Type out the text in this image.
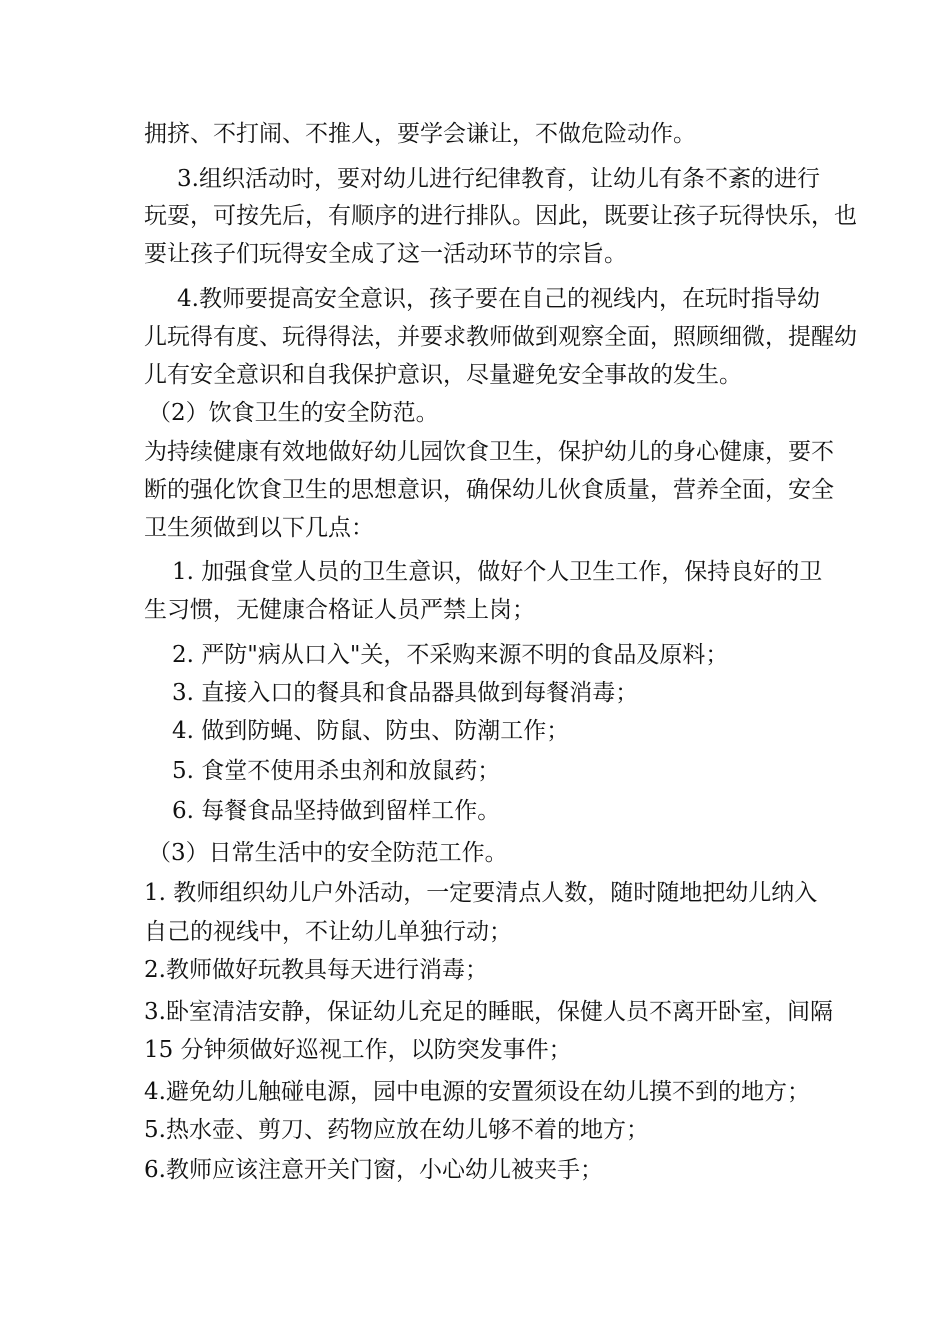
拥挤、不打闹、不推人，要学会谦让，不做危险动作。
3.组织活动时，要对幼儿进行纪律教育，让幼儿有条不紊的进行
玩耍，可按先后，有顺序的进行排队。因此，既要让孩子玩得快乐，也
要让孩子们玩得安全成了这一活动环节的宗旨。
4.教师要提高安全意识，孩子要在自己的视线内，在玩时指导幼
儿玩得有度、玩得得法，并要求教师做到观察全面，照顾细微，提醒幼
儿有安全意识和自我保护意识，尽量避免安全事故的发生。
（2）饮食卫生的安全防范。
为持续健康有效地做好幼儿园饮食卫生，保护幼儿的身心健康，要不
断的强化饮食卫生的思想意识，确保幼儿伙食质量，营养全面，安全
卫生须做到以下几点：
1. 加强食堂人员的卫生意识，做好个人卫生工作，保持良好的卫
生习惯，无健康合格证人员严禁上岗；
2. 严防"病从口入"关，不采购来源不明的食品及原料；
3. 直接入口的餐具和食品器具做到每餐消毒；
4. 做到防蝇、防鼠、防虫、防潮工作；
5. 食堂不使用杀虫剂和放鼠药；
6. 每餐食品坚持做到留样工作。
（3）日常生活中的安全防范工作。
1. 教师组织幼儿户外活动，一定要清点人数，随时随地把幼儿纳入
自己的视线中，不让幼儿单独行动；
2.教师做好玩教具每天进行消毒；
3.卧室清洁安静，保证幼儿充足的睡眠，保健人员不离开卧室，间隔
15 分钟须做好巡视工作，以防突发事件；
4.避免幼儿触碰电源，园中电源的安置须设在幼儿摸不到的地方；
5.热水壶、剪刀、药物应放在幼儿够不着的地方；
6.教师应该注意开关门窗，小心幼儿被夹手；
